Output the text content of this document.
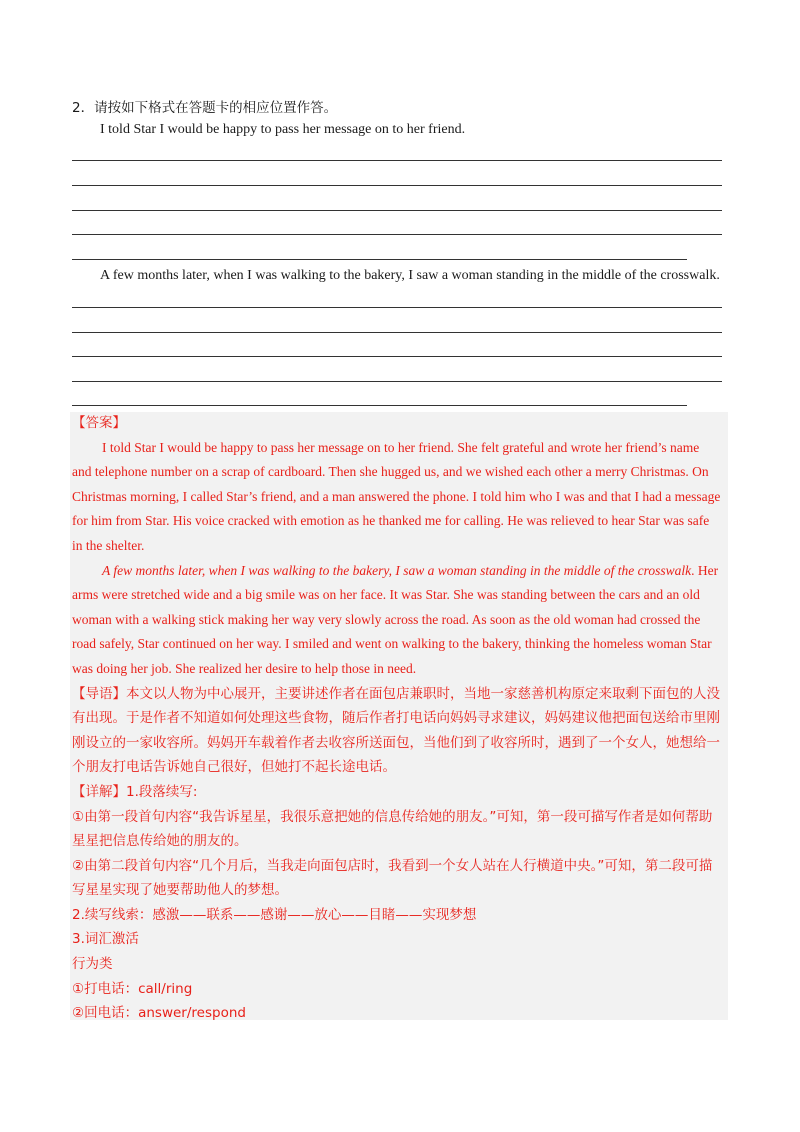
2．请按如下格式在答题卡的相应位置作答。
I told Star I would be happy to pass her message on to her friend.
A few months later, when I was walking to the bakery, I saw a woman standing in the middle of the crosswalk.

【答案】

I told Star I would be happy to pass her message on to her friend. She felt grateful and wrote her friend’s name and telephone number on a scrap of cardboard. Then she hugged us, and we wished each other a merry Christmas. On Christmas morning, I called Star’s friend, and a man answered the phone. I told him who I was and that I had a message for him from Star. His voice cracked with emotion as he thanked me for calling. He was relieved to hear Star was safe in the shelter.

A few months later, when I was walking to the bakery, I saw a woman standing in the middle of the crosswalk. Her arms were stretched wide and a big smile was on her face. It was Star. She was standing between the cars and an old woman with a walking stick making her way very slowly across the road. As soon as the old woman had crossed the road safely, Star continued on her way. I smiled and went on walking to the bakery, thinking the homeless woman Star was doing her job. She realized her desire to help those in need.

【导语】本文以人物为中心展开，主要讲述作者在面包店兼职时，当地一家慈善机构原定来取剩下面包的人没有出现。于是作者不知道如何处理这些食物，随后作者打电话向妈妈寻求建议，妈妈建议他把面包送给市里刚刚设立的一家收容所。妈妈开车载着作者去收容所送面包，当他们到了收容所时，遇到了一个女人，她想给一个朋友打电话告诉她自己很好，但她打不起长途电话。

【详解】1.段落续写:

①由第一段首句内容“我告诉星星，我很乐意把她的信息传给她的朋友。”可知，第一段可描写作者是如何帮助星星把信息传给她的朋友的。

②由第二段首句内容“几个月后，当我走向面包店时，我看到一个女人站在人行横道中央。”可知，第二段可描写星星实现了她要帮助他人的梦想。

2.续写线索：感激——联系——感谢——放心——目睹——实现梦想

3.词汇激活

行为类

①打电话：call/ring

②回电话：answer/respond
